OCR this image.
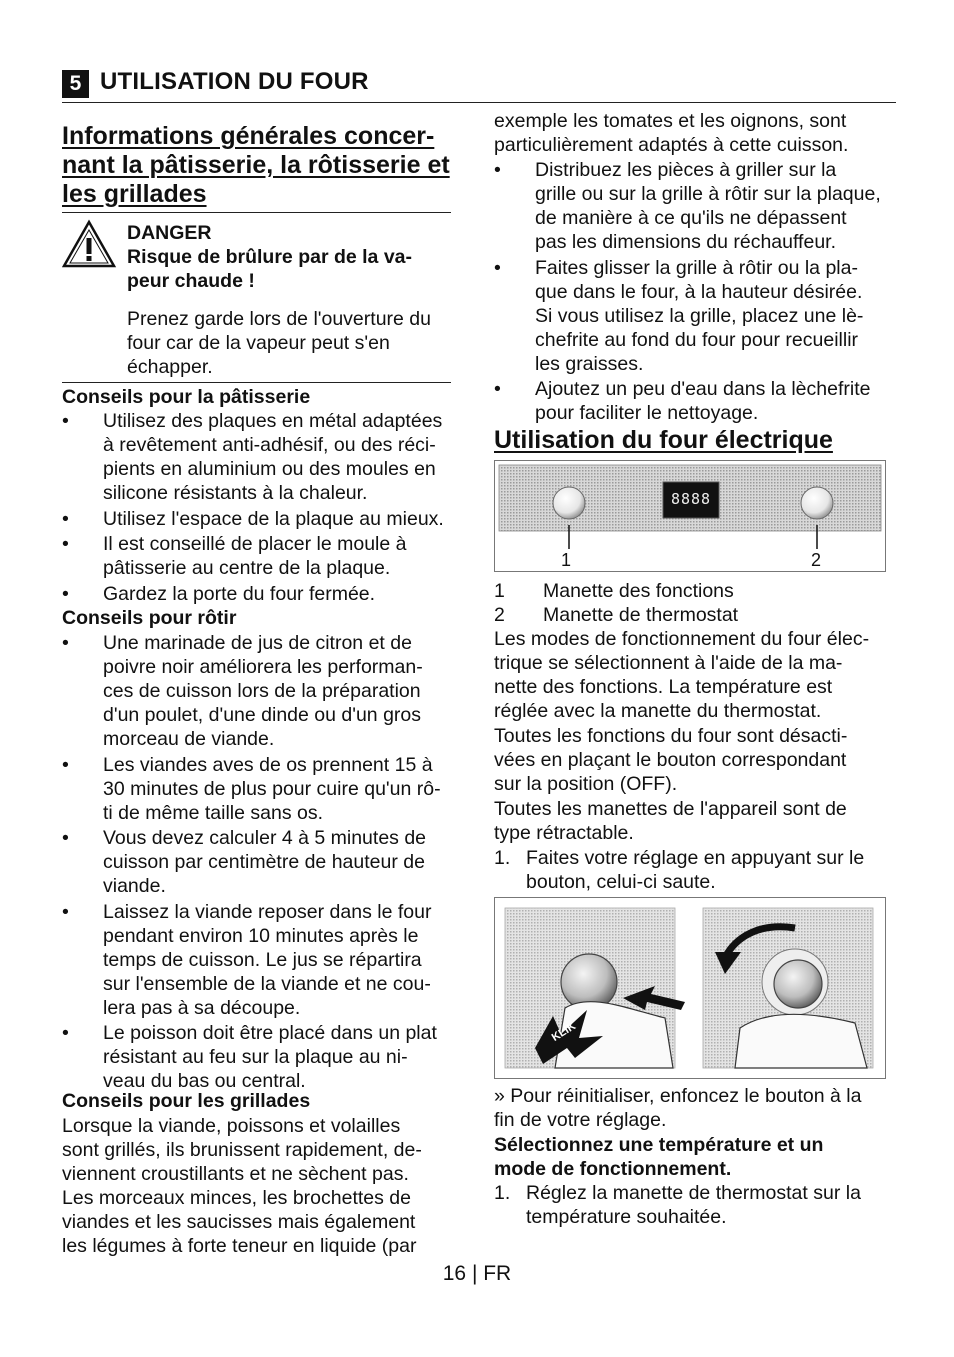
5 UTILISATION DU FOUR
Informations générales concer-
nant la pâtisserie, la rôtisserie et
les grillades
DANGER
Risque de brûlure par de la va-
peur chaude !
Prenez garde lors de l'ouverture du
four car de la vapeur peut s'en
échapper.
Conseils pour la pâtisserie
• Utilisez des plaques en métal adaptées
à revêtement anti-adhésif, ou des réci-
pients en aluminium ou des moules en
silicone résistants à la chaleur.
• Utilisez l'espace de la plaque au mieux.
• Il est conseillé de placer le moule à
pâtisserie au centre de la plaque.
• Gardez la porte du four fermée.
Conseils pour rôtir
• Une marinade de jus de citron et de
poivre noir améliorera les performan-
ces de cuisson lors de la préparation
d'un poulet, d'une dinde ou d'un gros
morceau de viande.
• Les viandes aves de os prennent 15 à
30 minutes de plus pour cuire qu'un rô-
ti de même taille sans os.
• Vous devez calculer 4 à 5 minutes de
cuisson par centimètre de hauteur de
viande.
• Laissez la viande reposer dans le four
pendant environ 10 minutes après le
temps de cuisson. Le jus se répartira
sur l'ensemble de la viande et ne cou-
lera pas à sa découpe.
• Le poisson doit être placé dans un plat
résistant au feu sur la plaque au ni-
veau du bas ou central.
Conseils pour les grillades
Lorsque la viande, poissons et volailles
sont grillés, ils brunissent rapidement, de-
viennent croustillants et ne sèchent pas.
Les morceaux minces, les brochettes de
viandes et les saucisses mais également
les légumes à forte teneur en liquide (par
exemple les tomates et les oignons, sont
particulièrement adaptés à cette cuisson.
• Distribuez les pièces à griller sur la
grille ou sur la grille à rôtir sur la plaque,
de manière à ce qu'ils ne dépassent
pas les dimensions du réchauffeur.
• Faites glisser la grille à rôtir ou la pla-
que dans le four, à la hauteur désirée.
Si vous utilisez la grille, placez une lè-
chefrite au fond du four pour recueillir
les graisses.
• Ajoutez un peu d'eau dans la lèchefrite
pour faciliter le nettoyage.
Utilisation du four électrique
8888
1	2
1 Manette des fonctions
2 Manette de thermostat
Les modes de fonctionnement du four élec-
trique se sélectionnent à l'aide de la ma-
nette des fonctions. La température est
réglée avec la manette du thermostat.
Toutes les fonctions du four sont désacti-
vées en plaçant le bouton correspondant
sur la position (OFF).
Toutes les manettes de l'appareil sont de
type rétractable.
1. Faites votre réglage en appuyant sur le
bouton, celui-ci saute.
KLIK
» Pour réinitialiser, enfoncez le bouton à la
fin de votre réglage.
Sélectionnez une température et un
mode de fonctionnement.
1. Réglez la manette de thermostat sur la
température souhaitée.
16 | FR
